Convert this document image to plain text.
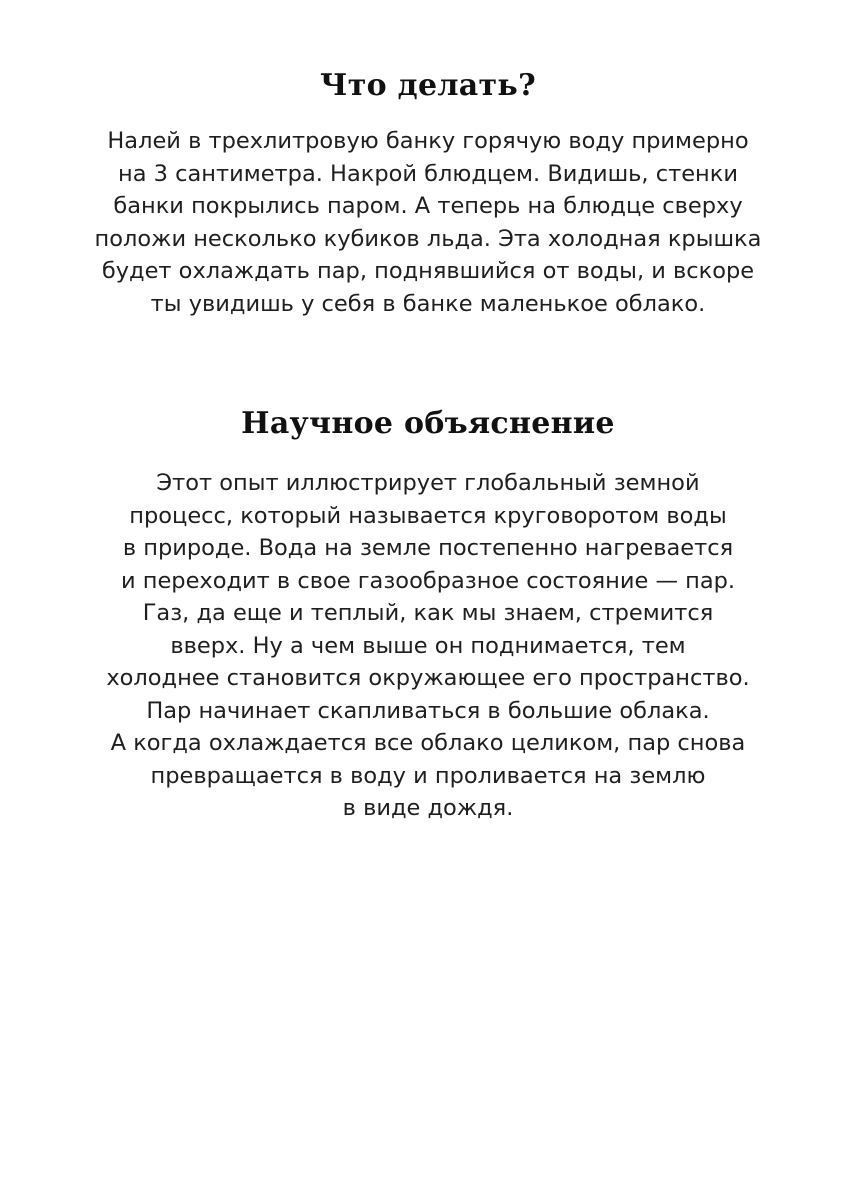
Что делать?

Налей в трехлитровую банку горячую воду примерно
на 3 сантиметра. Накрой блюдцем. Видишь, стенки
банки покрылись паром. А теперь на блюдце сверху
положи несколько кубиков льда. Эта холодная крышка
будет охлаждать пар, поднявшийся от воды, и вскоре
ты увидишь у себя в банке маленькое облако.

Научное объяснение

Этот опыт иллюстрирует глобальный земной
процесс, который называется круговоротом воды
в природе. Вода на земле постепенно нагревается
и переходит в свое газообразное состояние — пар.
Газ, да еще и теплый, как мы знаем, стремится
вверх. Ну а чем выше он поднимается, тем
холоднее становится окружающее его пространство.
Пар начинает скапливаться в большие облака.
А когда охлаждается все облако целиком, пар снова
превращается в воду и проливается на землю
в виде дождя.
